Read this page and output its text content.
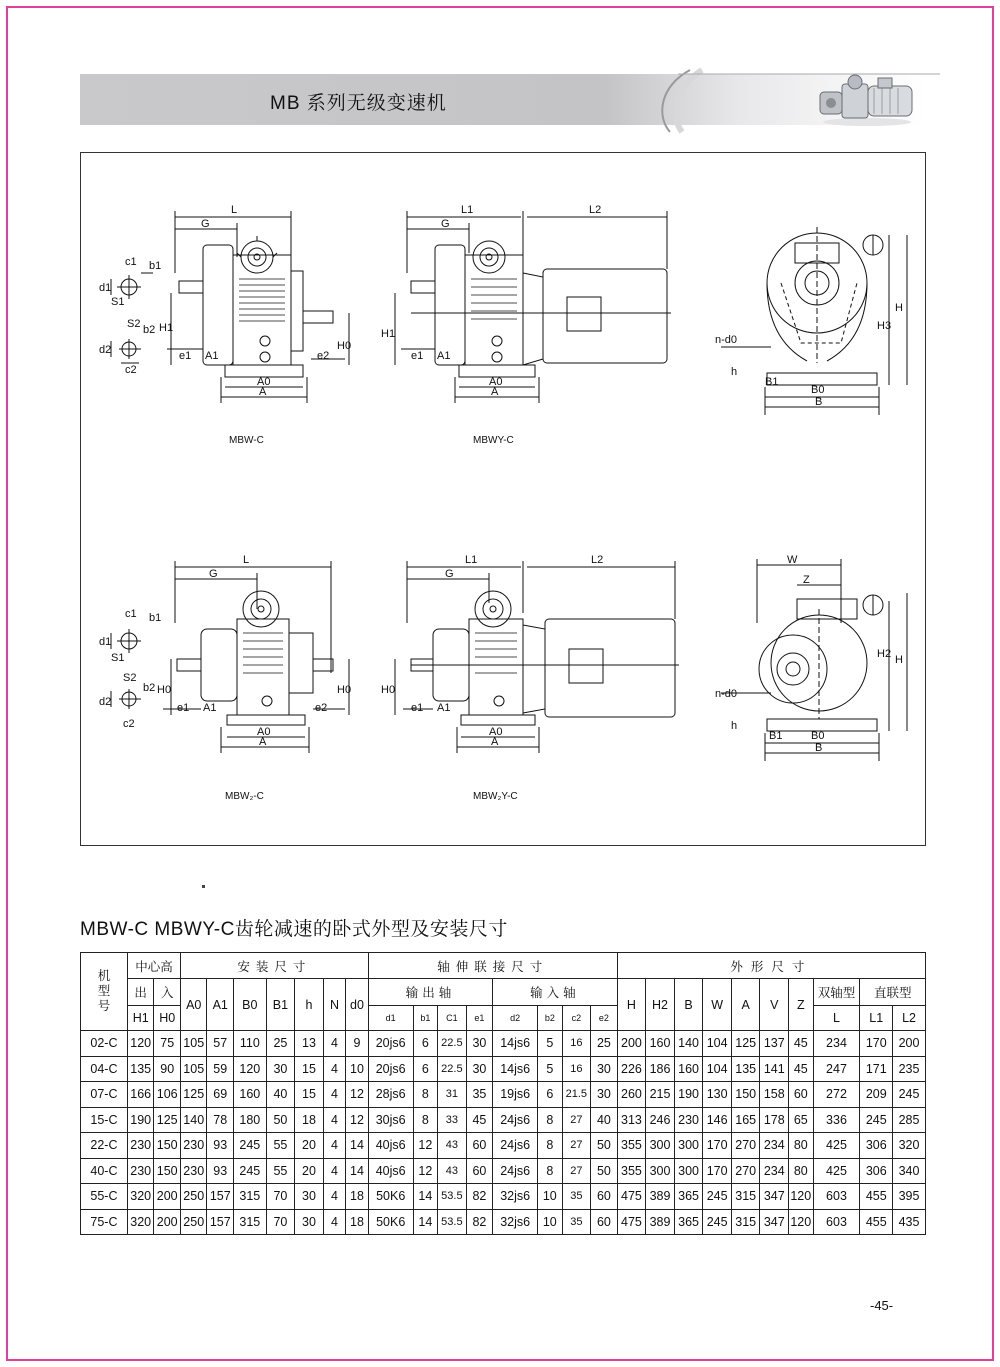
MB 系列无级变速机
L
G
c1 b1
d1
S1
S2 b2
d2
c2
H1
e1 A1	e2
H0
A0
A
MBW-C
L1	L2
G
H1
e1 A1
A0
A
MBWY-C
n-d0
h
B1
B0
B
H3
H
L
G
c1 b1
d1
S1
S2
b2
d2
c2
H0
e1 A1	e2
H0
A0
A
MBW₂-C
L1	L2
G
H0
e1 A1
A0
A
MBW₂Y-C
W
Z
n-d0
h
B1	B0
B
H2 H
MBW-C MBWY-C齿轮减速的卧式外型及安装尺寸
机型号	中心高		安装尺寸							轴伸联接尺寸								外形尺寸									
	出	入	A0	A1	B0	B1	h	N	d0	输出轴				输入轴				H	H2	B	W	A	V	Z	双轴型	直联型	
	H1	H0								d1	b1	C1	e1	d2	b2	c2	e2								L	L1	L2
02-C	120	75	105	57	110	25	13	4	9	20js6	6	22.5	30	14js6	5	16	25	200	160	140	104	125	137	45	234	170	200
04-C	135	90	105	59	120	30	15	4	10	20js6	6	22.5	30	14js6	5	16	30	226	186	160	104	135	141	45	247	171	235
07-C	166	106	125	69	160	40	15	4	12	28js6	8	31	35	19js6	6	21.5	30	260	215	190	130	150	158	60	272	209	245
15-C	190	125	140	78	180	50	18	4	12	30js6	8	33	45	24js6	8	27	40	313	246	230	146	165	178	65	336	245	285
22-C	230	150	230	93	245	55	20	4	14	40js6	12	43	60	24js6	8	27	50	355	300	300	170	270	234	80	425	306	320
40-C	230	150	230	93	245	55	20	4	14	40js6	12	43	60	24js6	8	27	50	355	300	300	170	270	234	80	425	306	340
55-C	320	200	250	157	315	70	30	4	18	50K6	14	53.5	82	32js6	10	35	60	475	389	365	245	315	347	120	603	455	395
75-C	320	200	250	157	315	70	30	4	18	50K6	14	53.5	82	32js6	10	35	60	475	389	365	245	315	347	120	603	455	435
-45-
